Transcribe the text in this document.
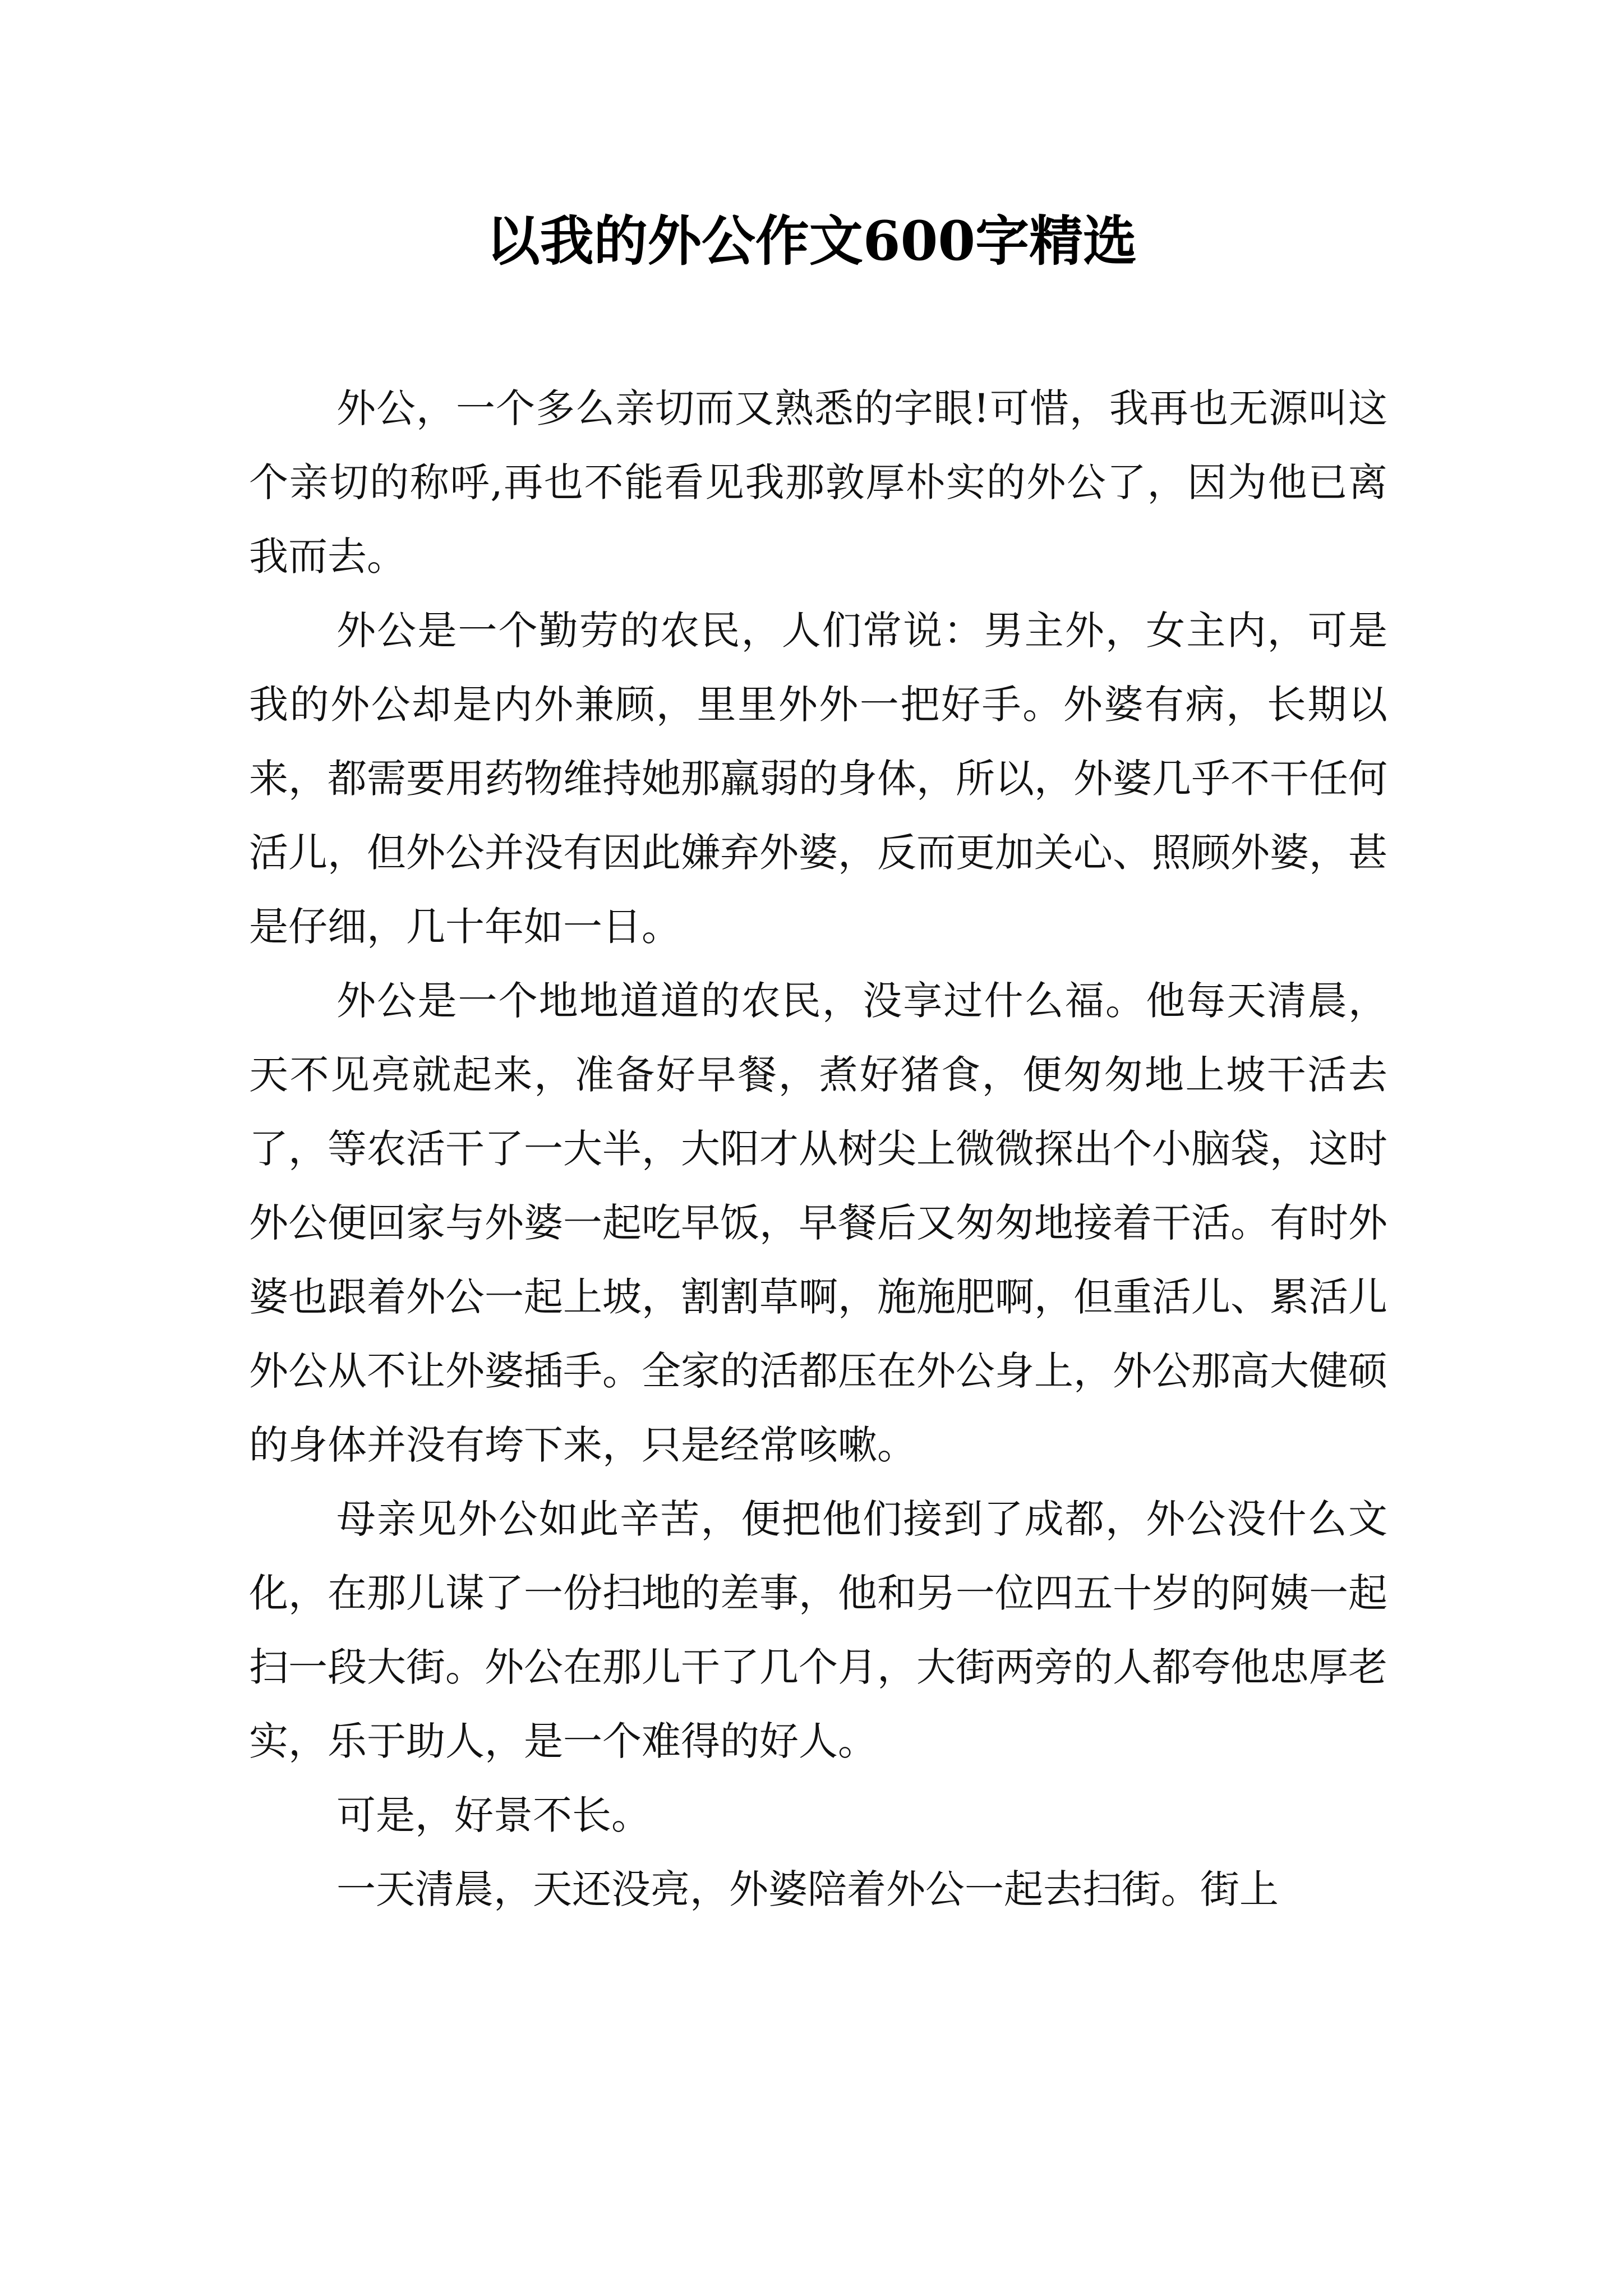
以我的外公作文600字精选

外公，一个多么亲切而又熟悉的字眼!可惜，我再也无源叫这个亲切的称呼,再也不能看见我那敦厚朴实的外公了，因为他已离我而去。

外公是一个勤劳的农民，人们常说：男主外，女主内，可是我的外公却是内外兼顾，里里外外一把好手。外婆有病，长期以来，都需要用药物维持她那羸弱的身体，所以，外婆几乎不干任何活儿，但外公并没有因此嫌弃外婆，反而更加关心、照顾外婆，甚是仔细，几十年如一日。

外公是一个地地道道的农民，没享过什么福。他每天清晨，天不见亮就起来，准备好早餐，煮好猪食，便匆匆地上坡干活去了，等农活干了一大半，大阳才从树尖上微微探出个小脑袋，这时外公便回家与外婆一起吃早饭，早餐后又匆匆地接着干活。有时外婆也跟着外公一起上坡，割割草啊，施施肥啊，但重活儿、累活儿外公从不让外婆插手。全家的活都压在外公身上，外公那高大健硕的身体并没有垮下来，只是经常咳嗽。

母亲见外公如此辛苦，便把他们接到了成都，外公没什么文化，在那儿谋了一份扫地的差事，他和另一位四五十岁的阿姨一起扫一段大街。外公在那儿干了几个月，大街两旁的人都夸他忠厚老实，乐于助人，是一个难得的好人。

可是，好景不长。

一天清晨，天还没亮，外婆陪着外公一起去扫街。街上
